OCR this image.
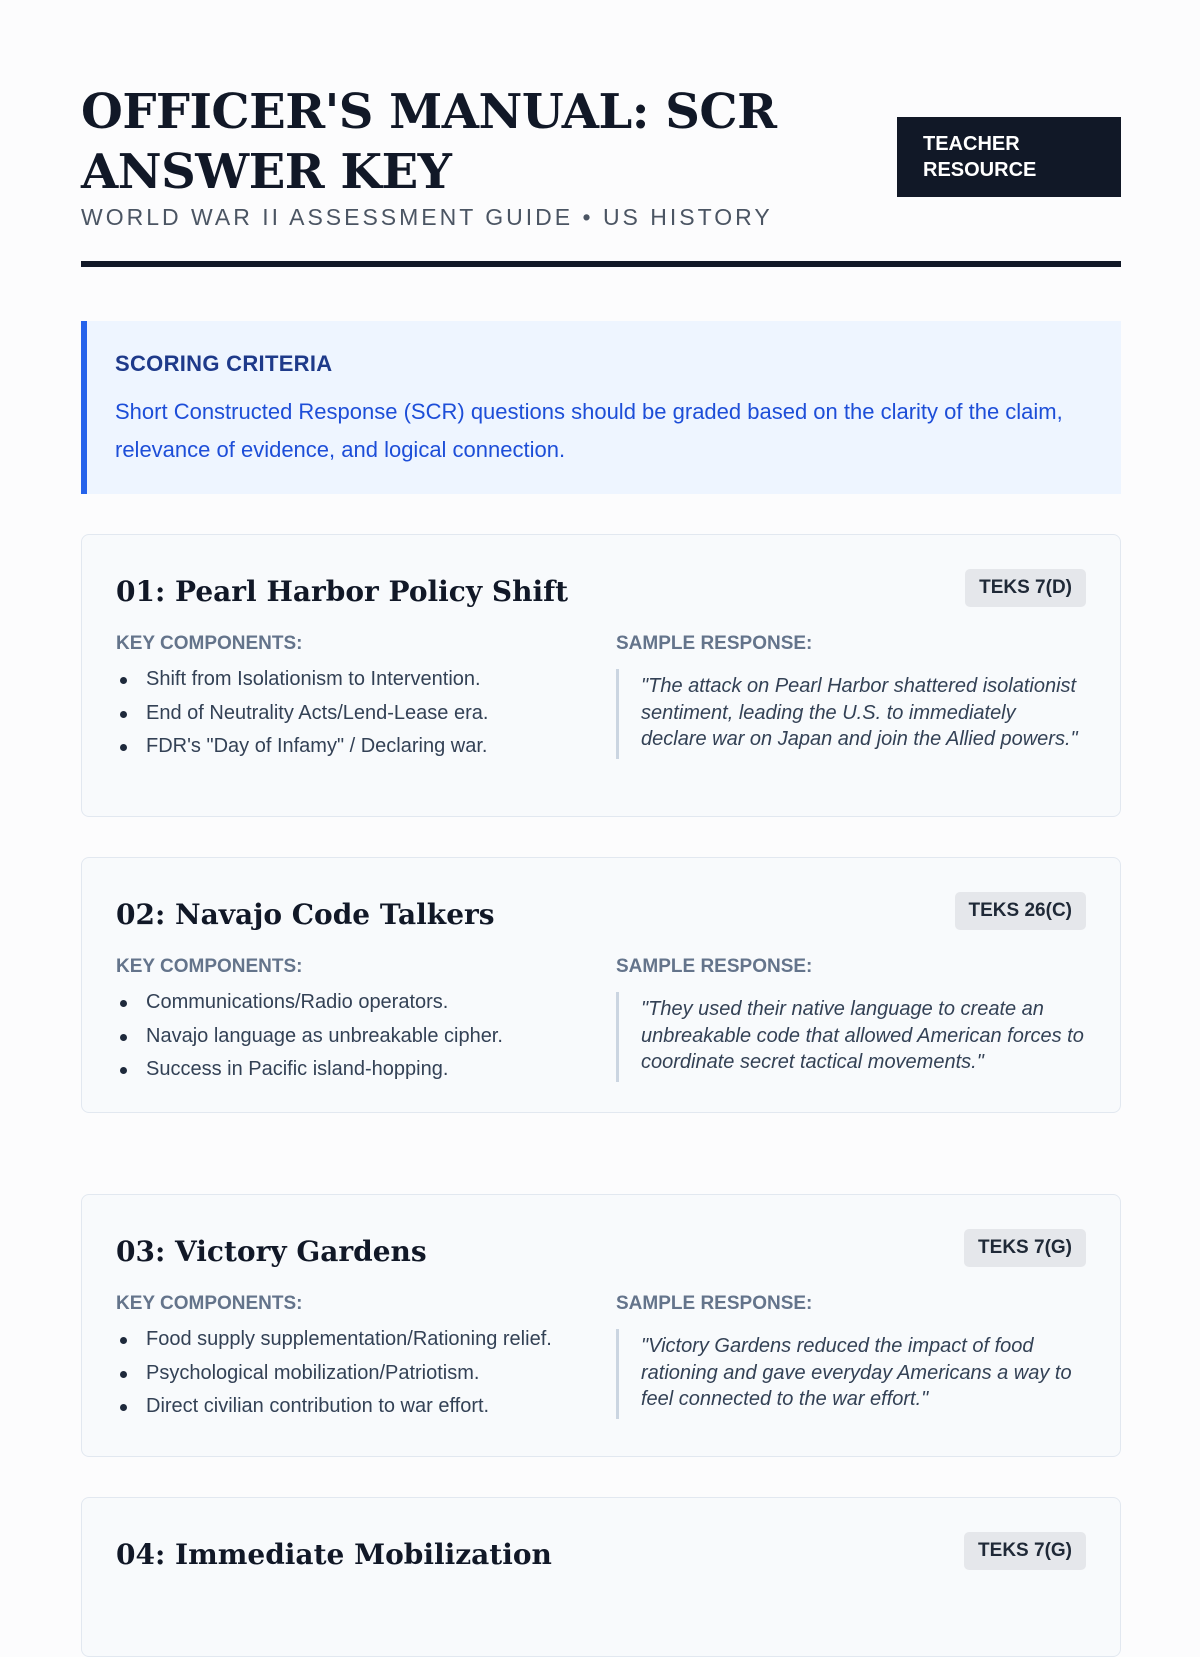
OFFICER'S MANUAL: SCR ANSWER KEY
WORLD WAR II ASSESSMENT GUIDE • US HISTORY
TEACHER RESOURCE
SCORING CRITERIA
Short Constructed Response (SCR) questions should be graded based on the clarity of the claim, relevance of evidence, and logical connection.
01: Pearl Harbor Policy Shift	TEKS 7(D)
KEY COMPONENTS:	SAMPLE RESPONSE:
Shift from Isolationism to Intervention.
End of Neutrality Acts/Lend-Lease era.
FDR's "Day of Infamy" / Declaring war.
"The attack on Pearl Harbor shattered isolationist sentiment, leading the U.S. to immediately declare war on Japan and join the Allied powers."
02: Navajo Code Talkers	TEKS 26(C)
KEY COMPONENTS:	SAMPLE RESPONSE:
Communications/Radio operators.
Navajo language as unbreakable cipher.
Success in Pacific island-hopping.
"They used their native language to create an unbreakable code that allowed American forces to coordinate secret tactical movements."
03: Victory Gardens	TEKS 7(G)
KEY COMPONENTS:	SAMPLE RESPONSE:
Food supply supplementation/Rationing relief.
Psychological mobilization/Patriotism.
Direct civilian contribution to war effort.
"Victory Gardens reduced the impact of food rationing and gave everyday Americans a way to feel connected to the war effort."
04: Immediate Mobilization	TEKS 7(G)
